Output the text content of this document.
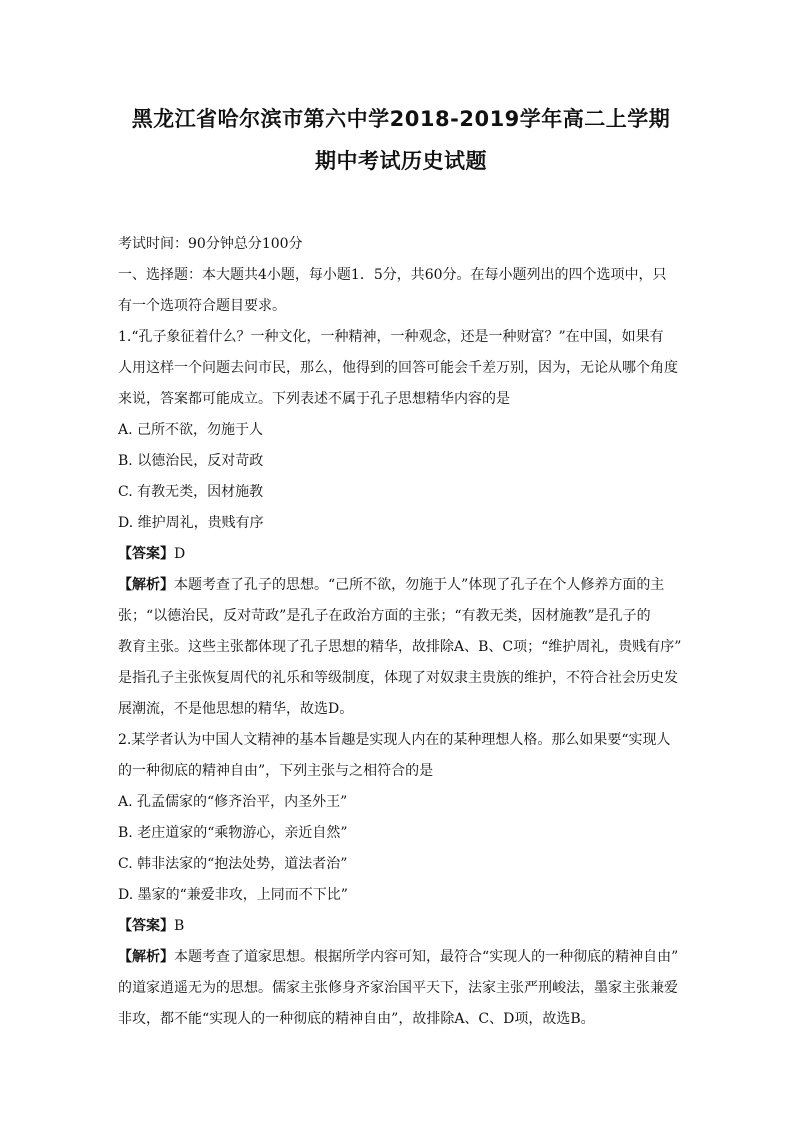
黑龙江省哈尔滨市第六中学2018-2019学年高二上学期
期中考试历史试题
考试时间：90分钟总分100分
一、选择题：本大题共4小题，每小题1．5分，共60分。在每小题列出的四个选项中，只
有一个选项符合题目要求。
1.“孔子象征着什么？一种文化，一种精神，一种观念，还是一种财富？”在中国，如果有
人用这样一个问题去问市民，那么，他得到的回答可能会千差万别，因为，无论从哪个角度
来说，答案都可能成立。下列表述不属于孔子思想精华内容的是
A. 己所不欲，勿施于人
B. 以德治民，反对苛政
C. 有教无类，因材施教
D. 维护周礼，贵贱有序
【答案】D
【解析】本题考查了孔子的思想。“己所不欲，勿施于人”体现了孔子在个人修养方面的主
张；“以德治民，反对苛政”是孔子在政治方面的主张；“有教无类，因材施教”是孔子的
教育主张。这些主张都体现了孔子思想的精华，故排除A、B、C项；“维护周礼，贵贱有序”
是指孔子主张恢复周代的礼乐和等级制度，体现了对奴隶主贵族的维护，不符合社会历史发
展潮流，不是他思想的精华，故选D。
2.某学者认为中国人文精神的基本旨趣是实现人内在的某种理想人格。那么如果要“实现人
的一种彻底的精神自由”，下列主张与之相符合的是
A. 孔孟儒家的“修齐治平，内圣外王”
B. 老庄道家的“乘物游心，亲近自然”
C. 韩非法家的“抱法处势，道法者治”
D. 墨家的“兼爱非攻，上同而不下比”
【答案】B
【解析】本题考查了道家思想。根据所学内容可知，最符合“实现人的一种彻底的精神自由”
的道家逍遥无为的思想。儒家主张修身齐家治国平天下，法家主张严刑峻法，墨家主张兼爱
非攻，都不能“实现人的一种彻底的精神自由”，故排除A、C、D项，故选B。
